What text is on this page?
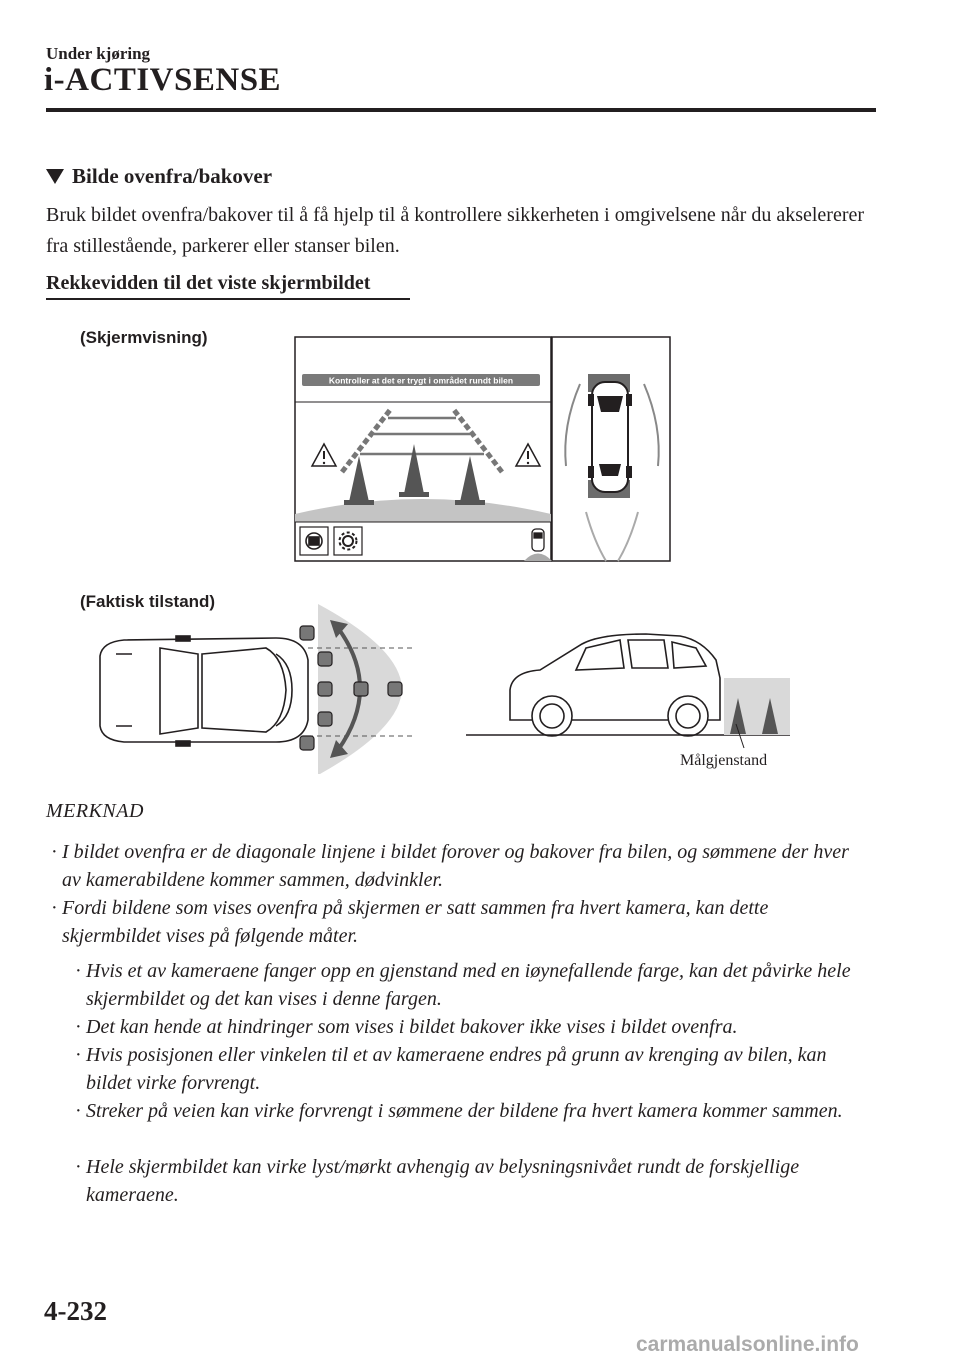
Under kjøring
i-ACTIVSENSE
Bilde ovenfra/bakover
Bruk bildet ovenfra/bakover til å få hjelp til å kontrollere sikkerheten i omgivelsene når du akselererer fra stillestående, parkerer eller stanser bilen.
Rekkevidden til det viste skjermbildet
(Skjermvisning)
Kontroller at det er trygt i området rundt bilen
(Faktisk tilstand)
Målgjenstand
MERKNAD
· I bildet ovenfra er de diagonale linjene i bildet forover og bakover fra bilen, og sømmene der hver av kamerabildene kommer sammen, dødvinkler.
· Fordi bildene som vises ovenfra på skjermen er satt sammen fra hvert kamera, kan dette skjermbildet vises på følgende måter.
· Hvis et av kameraene fanger opp en gjenstand med en iøynefallende farge, kan det påvirke hele skjermbildet og det kan vises i denne fargen.
· Det kan hende at hindringer som vises i bildet bakover ikke vises i bildet ovenfra.
· Hvis posisjonen eller vinkelen til et av kameraene endres på grunn av krenging av bilen, kan bildet virke forvrengt.
· Streker på veien kan virke forvrengt i sømmene der bildene fra hvert kamera kommer sammen.
· Hele skjermbildet kan virke lyst/mørkt avhengig av belysningsnivået rundt de forskjellige kameraene.
4-232
carmanualsonline.info
